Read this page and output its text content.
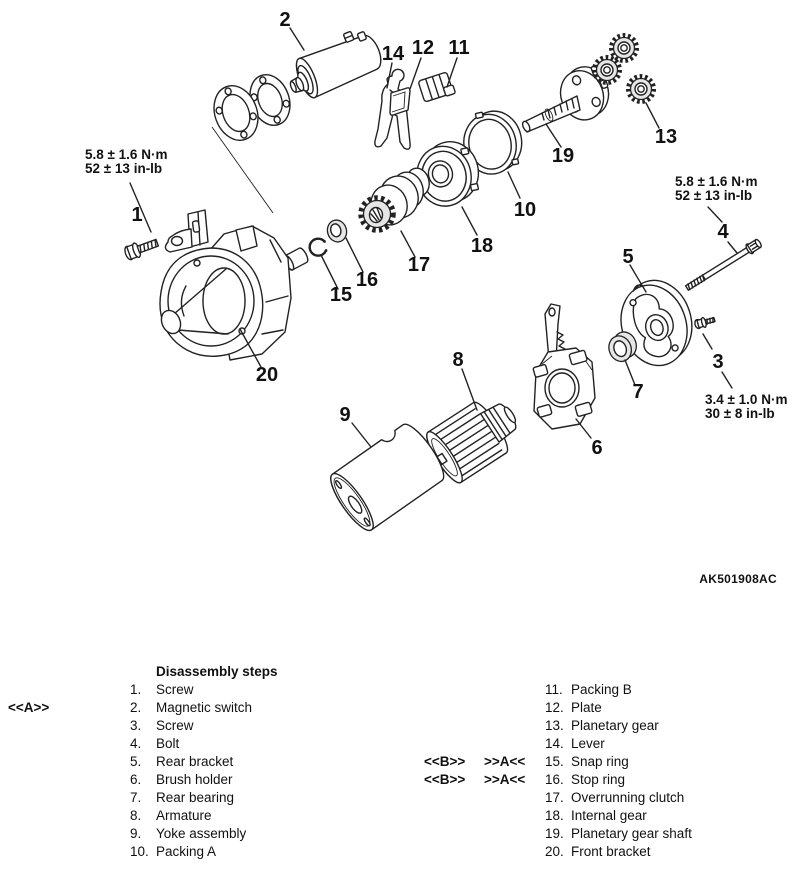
1
2
3
4
5
6
7
8
9
10
11
12
13
14
15
16
17
18
19
20
5.8 ± 1.6 N·m
52 ± 13 in-lb
5.8 ± 1.6 N·m
52 ± 13 in-lb
3.4 ± 1.0 N·m
30 ± 8 in-lb
AK501908AC
Disassembly steps
<<A>>
1. Screw
2. Magnetic switch
3. Screw
4. Bolt
5. Rear bracket
6. Brush holder
7. Rear bearing
8. Armature
9. Yoke assembly
10. Packing A
11. Packing B
12. Plate
13. Planetary gear
14. Lever
<<B>> >>A<< 15. Snap ring
<<B>> >>A<< 16. Stop ring
17. Overrunning clutch
18. Internal gear
19. Planetary gear shaft
20. Front bracket
